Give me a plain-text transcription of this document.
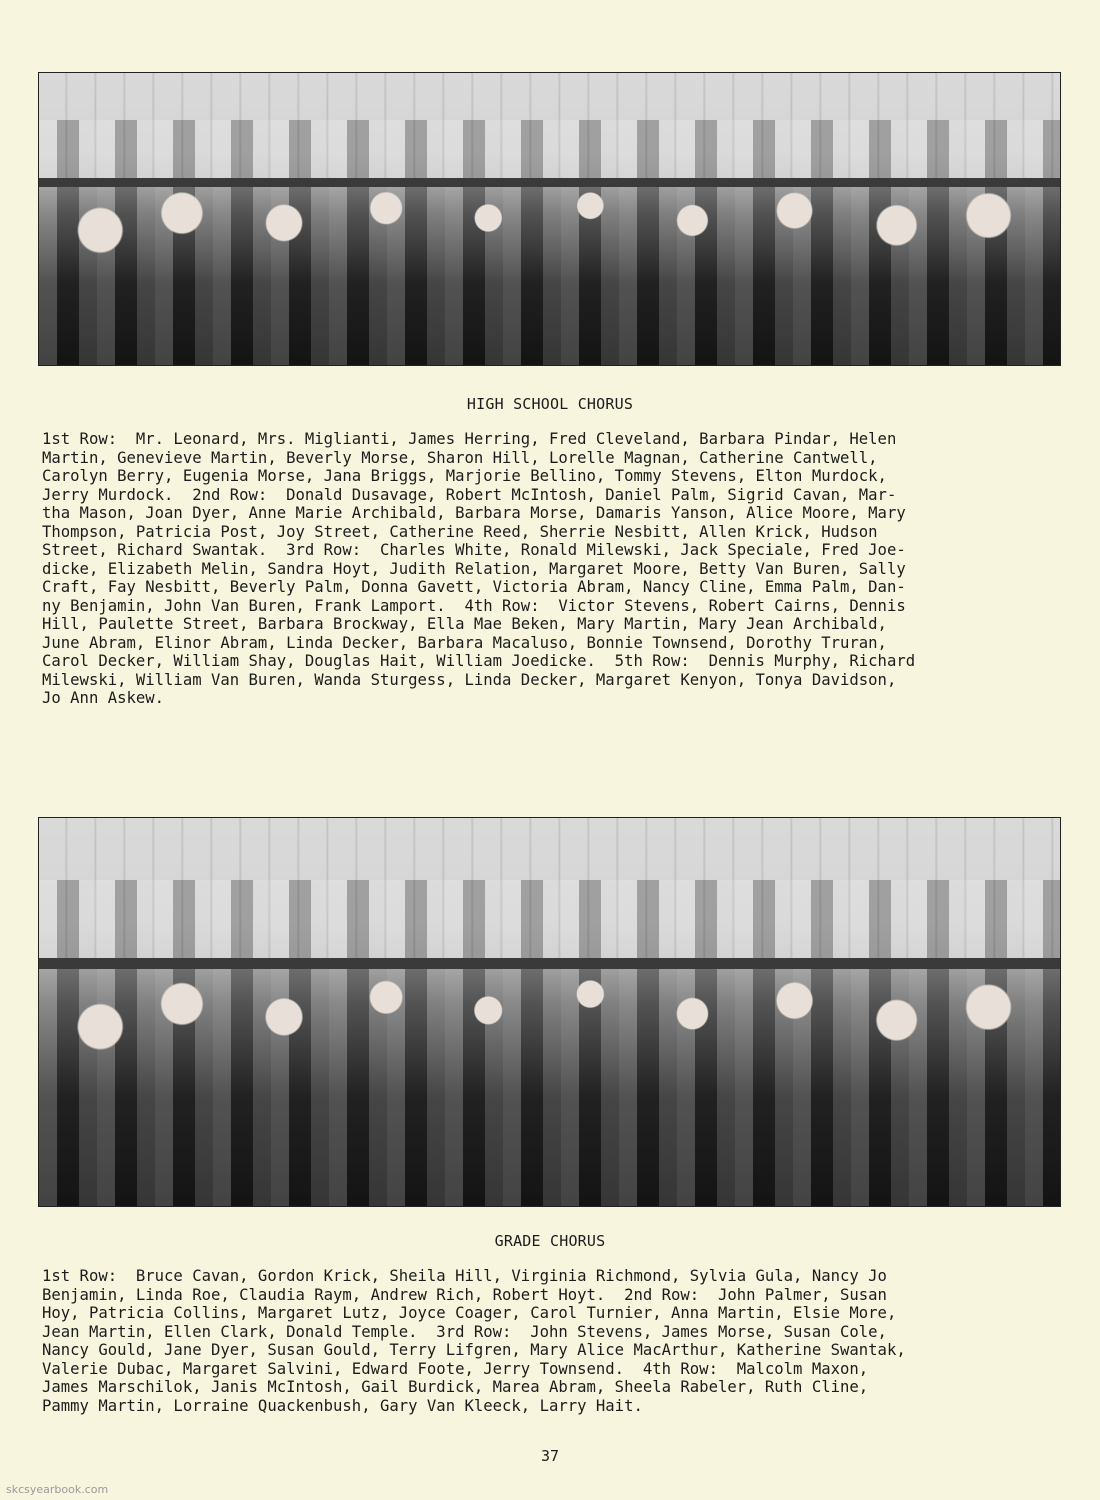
HIGH SCHOOL CHORUS
1st Row:  Mr. Leonard, Mrs. Miglianti, James Herring, Fred Cleveland, Barbara Pindar, Helen
Martin, Genevieve Martin, Beverly Morse, Sharon Hill, Lorelle Magnan, Catherine Cantwell,
Carolyn Berry, Eugenia Morse, Jana Briggs, Marjorie Bellino, Tommy Stevens, Elton Murdock,
Jerry Murdock.  2nd Row:  Donald Dusavage, Robert McIntosh, Daniel Palm, Sigrid Cavan, Mar-
tha Mason, Joan Dyer, Anne Marie Archibald, Barbara Morse, Damaris Yanson, Alice Moore, Mary
Thompson, Patricia Post, Joy Street, Catherine Reed, Sherrie Nesbitt, Allen Krick, Hudson
Street, Richard Swantak.  3rd Row:  Charles White, Ronald Milewski, Jack Speciale, Fred Joe-
dicke, Elizabeth Melin, Sandra Hoyt, Judith Relation, Margaret Moore, Betty Van Buren, Sally
Craft, Fay Nesbitt, Beverly Palm, Donna Gavett, Victoria Abram, Nancy Cline, Emma Palm, Dan-
ny Benjamin, John Van Buren, Frank Lamport.  4th Row:  Victor Stevens, Robert Cairns, Dennis
Hill, Paulette Street, Barbara Brockway, Ella Mae Beken, Mary Martin, Mary Jean Archibald,
June Abram, Elinor Abram, Linda Decker, Barbara Macaluso, Bonnie Townsend, Dorothy Truran,
Carol Decker, William Shay, Douglas Hait, William Joedicke.  5th Row:  Dennis Murphy, Richard
Milewski, William Van Buren, Wanda Sturgess, Linda Decker, Margaret Kenyon, Tonya Davidson,
Jo Ann Askew.
GRADE CHORUS
1st Row:  Bruce Cavan, Gordon Krick, Sheila Hill, Virginia Richmond, Sylvia Gula, Nancy Jo
Benjamin, Linda Roe, Claudia Raym, Andrew Rich, Robert Hoyt.  2nd Row:  John Palmer, Susan
Hoy, Patricia Collins, Margaret Lutz, Joyce Coager, Carol Turnier, Anna Martin, Elsie More,
Jean Martin, Ellen Clark, Donald Temple.  3rd Row:  John Stevens, James Morse, Susan Cole,
Nancy Gould, Jane Dyer, Susan Gould, Terry Lifgren, Mary Alice MacArthur, Katherine Swantak,
Valerie Dubac, Margaret Salvini, Edward Foote, Jerry Townsend.  4th Row:  Malcolm Maxon,
James Marschilok, Janis McIntosh, Gail Burdick, Marea Abram, Sheela Rabeler, Ruth Cline,
Pammy Martin, Lorraine Quackenbush, Gary Van Kleeck, Larry Hait.
37
skcsyearbook.com
